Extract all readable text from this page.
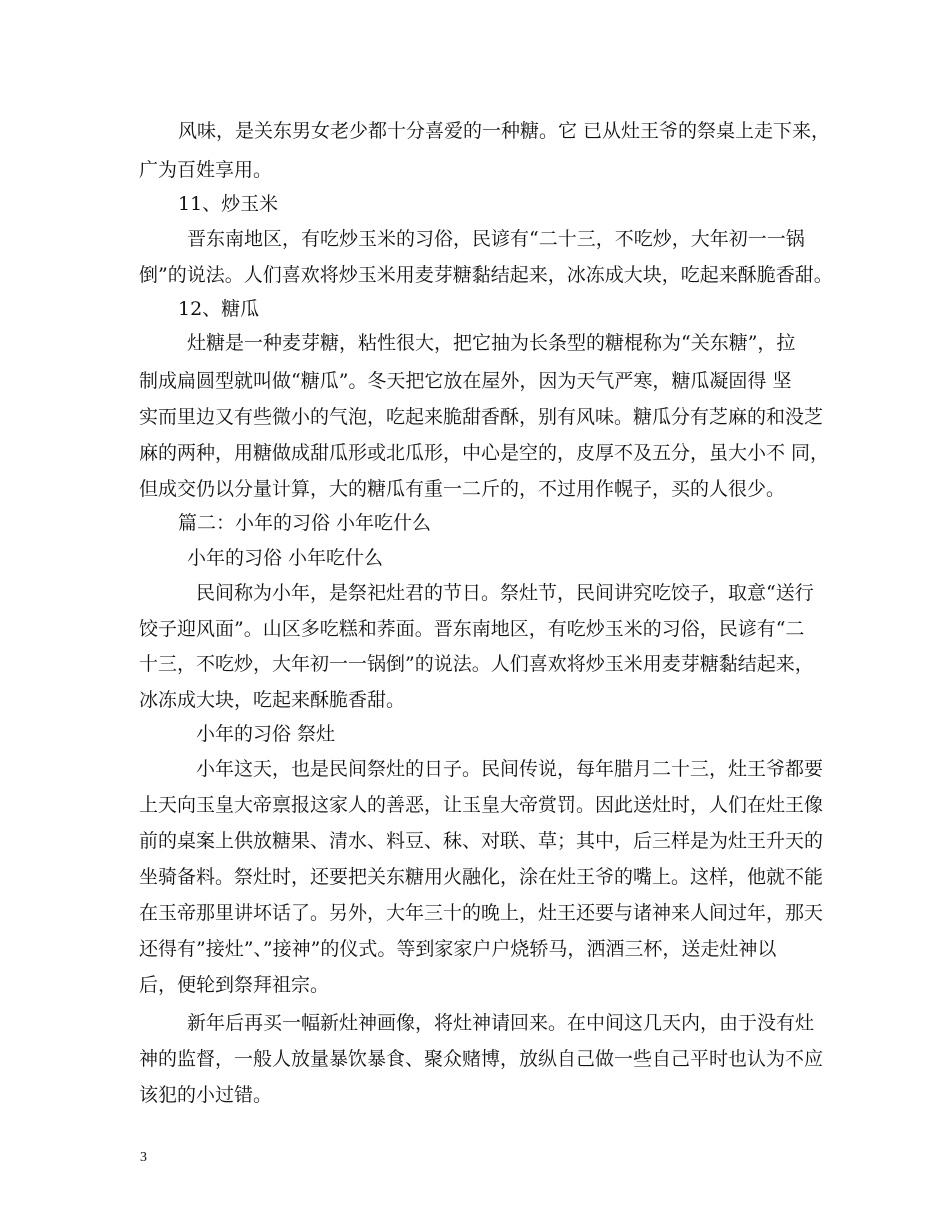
风味，是关东男女老少都十分喜爱的一种糖。它 已从灶王爷的祭桌上走下来，
广为百姓享用。
11、炒玉米
晋东南地区，有吃炒玉米的习俗，民谚有“二十三，不吃炒，大年初一一锅
倒”的说法。人们喜欢将炒玉米用麦芽糖黏结起来，冰冻成大块，吃起来酥脆香甜。
12、糖瓜
灶糖是一种麦芽糖，粘性很大，把它抽为长条型的糖棍称为“关东糖”，拉
制成扁圆型就叫做“糖瓜”。冬天把它放在屋外，因为天气严寒，糖瓜凝固得 坚
实而里边又有些微小的气泡，吃起来脆甜香酥，别有风味。糖瓜分有芝麻的和没芝
麻的两种，用糖做成甜瓜形或北瓜形，中心是空的，皮厚不及五分，虽大小不 同，
但成交仍以分量计算，大的糖瓜有重一二斤的，不过用作幌子，买的人很少。
篇二：小年的习俗 小年吃什么
小年的习俗 小年吃什么
民间称为小年，是祭祀灶君的节日。祭灶节，民间讲究吃饺子，取意“送行
饺子迎风面”。山区多吃糕和荞面。晋东南地区，有吃炒玉米的习俗，民谚有“二
十三，不吃炒，大年初一一锅倒”的说法。人们喜欢将炒玉米用麦芽糖黏结起来，
冰冻成大块，吃起来酥脆香甜。
小年的习俗 祭灶
小年这天，也是民间祭灶的日子。民间传说，每年腊月二十三，灶王爷都要
上天向玉皇大帝禀报这家人的善恶，让玉皇大帝赏罚。因此送灶时，人们在灶王像
前的桌案上供放糖果、清水、料豆、秣、对联、草；其中，后三样是为灶王升天的
坐骑备料。祭灶时，还要把关东糖用火融化，涂在灶王爷的嘴上。这样，他就不能
在玉帝那里讲坏话了。另外，大年三十的晚上，灶王还要与诸神来人间过年，那天
还得有”接灶”、”接神”的仪式。等到家家户户烧轿马，洒酒三杯，送走灶神以
后，便轮到祭拜祖宗。
新年后再买一幅新灶神画像，将灶神请回来。在中间这几天内，由于没有灶
神的监督，一般人放量暴饮暴食、聚众赌博，放纵自己做一些自己平时也认为不应
该犯的小过错。
3
